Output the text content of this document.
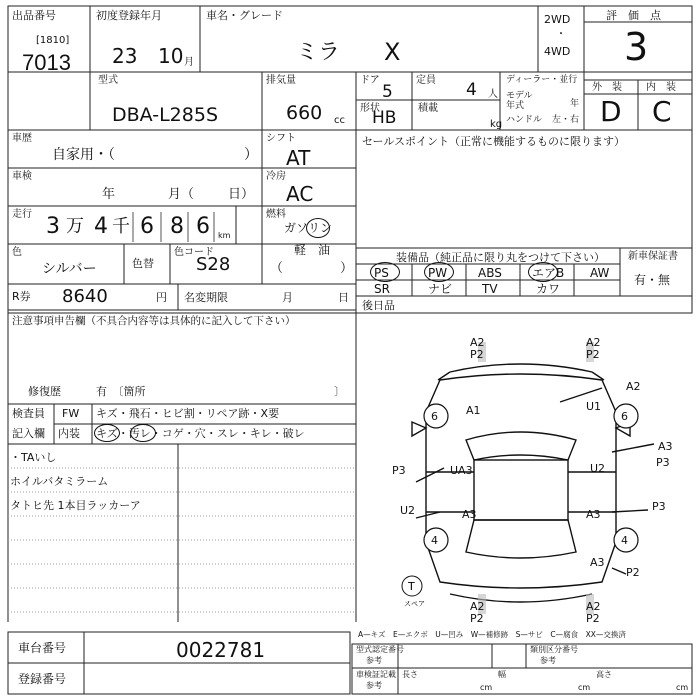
出品番号
[1810]
7013
初度登録年月
23 10 月
車名・グレード
ミラ X
2WD
・
4WD
評　価　点
3
型式
DBA-L285S
排気量
660 cc
ドア
5
定員 4 人
形状
HB 積載
kg
ディーラー・並行
モデル
年式	年
ハンドル 左・右
外　装 内　装
D C
車歴
自家用・（	）
シフト
AT
セールスポイント（正常に機能するものに限ります）
車検
年	月（	日）
冷房
AC
走行 3 万 4 千 6 8 6 km
燃料
ガソリン
軽　油
（	）
色
シルバー	色替
色コード
S28	装備品（純正品に限り丸をつけて下さい） 新車保証書
有・無
PS	PW	ABS	エアB AW
SR	ナビ TV	カワ
R券 8640	円 名変期限	月	日
後日品
注意事項申告欄（不具合内容等は具体的に記入して下さい）
修復歴	有　〔箇所	〕
検査員
記入欄
FW キズ・飛石・ヒビ割・リペア跡・X要
内装 キズ・汚レ・コゲ・穴・スレ・キレ・破レ
・TAいし
ホイルバタミラーム
タトヒ先 1本目ラッカーア
A2
P2
A2
P2
A2
A1	U1
6	6
A3
P3
P3	UA3	U2
U2	A3
P3
A3
4	4
A3
P2
A2
P2
A2
P2
T
スペア
A—キズ　E—エクボ　U—凹み　W—補修跡　S—サビ　C—腐食　XX—交換済
車台番号	0022781
登録番号
型式認定番号
参考
類別区分番号
参考
車検証記載
参考
長さ	幅	高さ
cm	cm	cm
